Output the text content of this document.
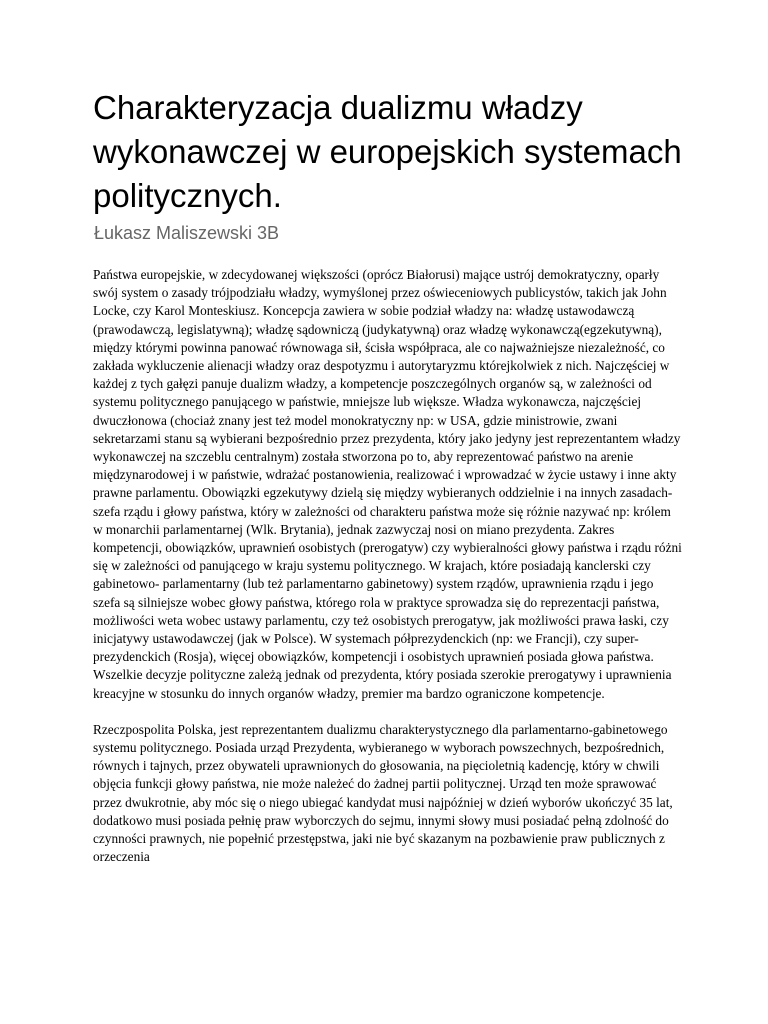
Charakteryzacja dualizmu władzy wykonawczej w europejskich systemach politycznych.
Łukasz Maliszewski 3B

Państwa europejskie, w zdecydowanej większości (oprócz Białorusi) mające ustrój demokratyczny, oparły swój system o zasady trójpodziału władzy, wymyślonej przez oświeceniowych publicystów, takich jak John Locke, czy Karol Monteskiusz. Koncepcja zawiera w sobie podział władzy na: władzę ustawodawczą (prawodawczą, legislatywną); władzę sądowniczą (judykatywną) oraz władzę wykonawczą(egzekutywną), między którymi powinna panować równowaga sił, ścisła współpraca, ale co najważniejsze niezależność, co zakłada wykluczenie alienacji władzy oraz despotyzmu i autorytaryzmu którejkolwiek z nich. Najczęściej w każdej z tych gałęzi panuje dualizm władzy, a kompetencje poszczególnych organów są, w zależności od systemu politycznego panującego w państwie, mniejsze lub większe. Władza wykonawcza, najczęściej dwuczłonowa (chociaż znany jest też model monokratyczny np: w USA, gdzie ministrowie, zwani sekretarzami stanu są wybierani bezpośrednio przez prezydenta, który jako jedyny jest reprezentantem władzy wykonawczej na szczeblu centralnym) została stworzona po to, aby reprezentować państwo na arenie międzynarodowej i w państwie, wdrażać postanowienia, realizować i wprowadzać w życie ustawy i inne akty prawne parlamentu. Obowiązki egzekutywy dzielą się między wybieranych oddzielnie i na innych zasadach- szefa rządu i głowy państwa, który w zależności od charakteru państwa może się różnie nazywać np: królem w monarchii parlamentarnej (Wlk. Brytania), jednak zazwyczaj nosi on miano prezydenta. Zakres kompetencji, obowiązków, uprawnień osobistych (prerogatyw) czy wybieralności głowy państwa i rządu różni się w zależności od panującego w kraju systemu politycznego. W krajach, które posiadają kanclerski czy gabinetowo- parlamentarny (lub też parlamentarno gabinetowy) system rządów, uprawnienia rządu i jego szefa są silniejsze wobec głowy państwa, którego rola w praktyce sprowadza się do reprezentacji państwa, możliwości weta wobec ustawy parlamentu, czy też osobistych prerogatyw, jak możliwości prawa łaski, czy inicjatywy ustawodawczej (jak w Polsce). W systemach półprezydenckich (np: we Francji), czy super-prezydenckich (Rosja), więcej obowiązków, kompetencji i osobistych uprawnień posiada głowa państwa. Wszelkie decyzje polityczne zależą jednak od prezydenta, który posiada szerokie prerogatywy i uprawnienia kreacyjne w stosunku do innych organów władzy, premier ma bardzo ograniczone kompetencje.

Rzeczpospolita Polska, jest reprezentantem dualizmu charakterystycznego dla parlamentarno-gabinetowego systemu politycznego. Posiada urząd Prezydenta, wybieranego w wyborach powszechnych, bezpośrednich, równych i tajnych, przez obywateli uprawnionych do głosowania, na pięcioletnią kadencję, który w chwili objęcia funkcji głowy państwa, nie może należeć do żadnej partii politycznej. Urząd ten może sprawować przez dwukrotnie, aby móc się o niego ubiegać kandydat musi najpóźniej w dzień wyborów ukończyć 35 lat, dodatkowo musi posiada pełnię praw wyborczych do sejmu, innymi słowy musi posiadać pełną zdolność do czynności prawnych, nie popełnić przestępstwa, jaki nie być skazanym na pozbawienie praw publicznych z orzeczenia
